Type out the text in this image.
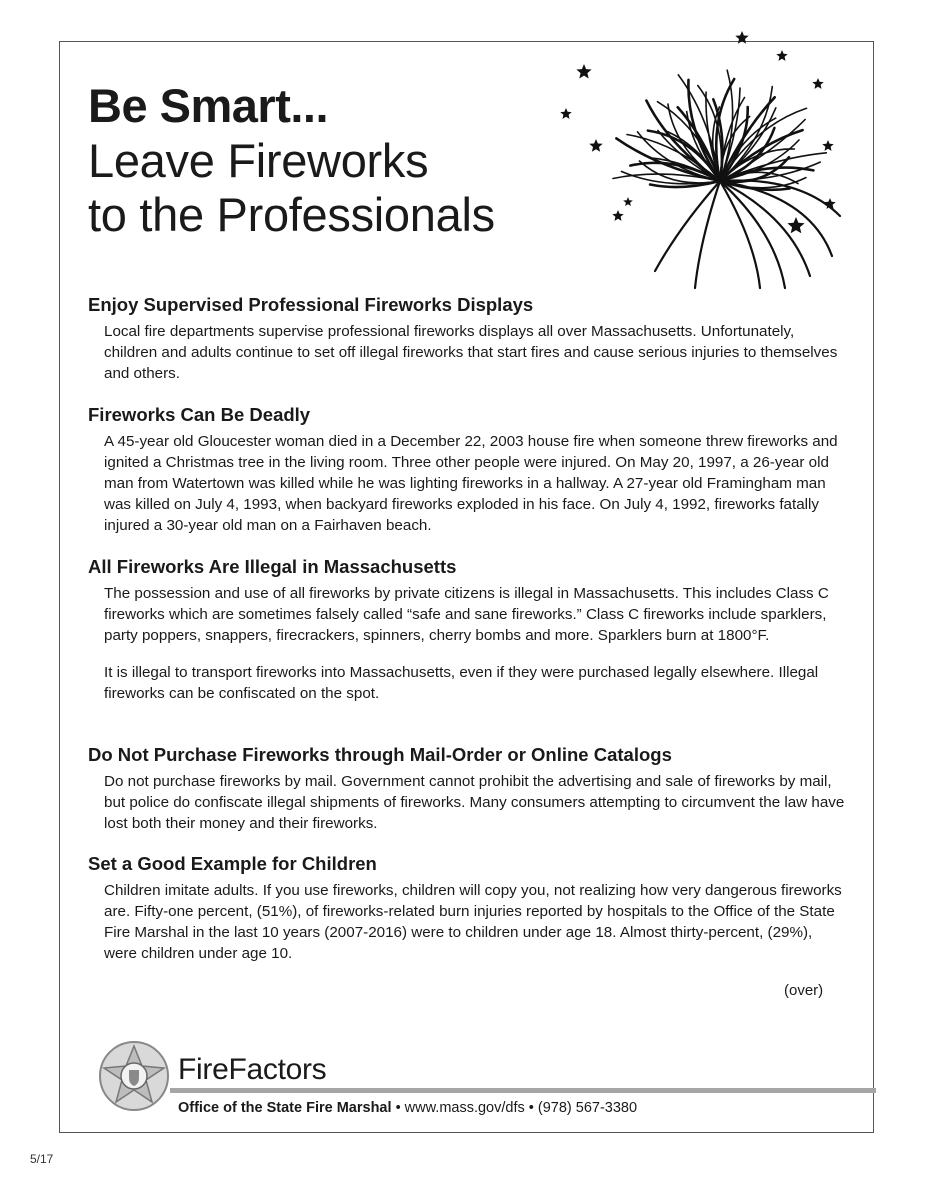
Be Smart...
Leave Fireworks
to the Professionals
Enjoy Supervised Professional Fireworks Displays

Local fire departments supervise professional fireworks displays all over Massachusetts. Unfortunately, children and adults continue to set off illegal fireworks that start fires and cause serious injuries to themselves and others.

Fireworks Can Be Deadly

A 45-year old Gloucester woman died in a December 22, 2003 house fire when someone threw fireworks and ignited a Christmas tree in the living room. Three other people were injured. On May 20, 1997, a 26-year old man from Watertown was killed while he was lighting fireworks in a hallway. A 27-year old Framingham man was killed on July 4, 1993, when backyard fireworks exploded in his face. On July 4, 1992, fireworks fatally injured a 30-year old man on a Fairhaven beach.

All Fireworks Are Illegal in Massachusetts

The possession and use of all fireworks by private citizens is illegal in Massachusetts. This includes Class C fireworks which are sometimes falsely called “safe and sane fireworks.” Class C fireworks include sparklers, party poppers, snappers, firecrackers, spinners, cherry bombs and more. Sparklers burn at 1800°F.

It is illegal to transport fireworks into Massachusetts, even if they were purchased legally elsewhere. Illegal fireworks can be confiscated on the spot.

Do Not Purchase Fireworks through Mail-Order or Online Catalogs

Do not purchase fireworks by mail. Government cannot prohibit the advertising and sale of fireworks by mail, but police do confiscate illegal shipments of fireworks. Many consumers attempting to circumvent the law have lost both their money and their fireworks.

Set a Good Example for Children

Children imitate adults. If you use fireworks, children will copy you, not realizing how very dangerous fireworks are. Fifty-one percent, (51%), of fireworks-related burn injuries reported by hospitals to the Office of the State Fire Marshal in the last 10 years (2007-2016) were to children under age 18. Almost thirty-percent, (29%), were children under age 10.

(over)
FireFactors
Office of the State Fire Marshal • www.mass.gov/dfs • (978) 567-3380
5/17
